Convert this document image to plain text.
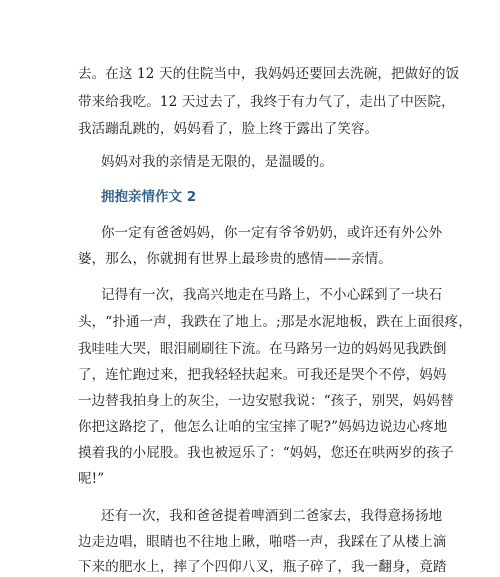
去。在这 12 天的住院当中，我妈妈还要回去洗碗，把做好的饭
带来给我吃。12 天过去了，我终于有力气了，走出了中医院，
我活蹦乱跳的，妈妈看了，脸上终于露出了笑容。
妈妈对我的亲情是无限的，是温暖的。
拥抱亲情作文 2
你一定有爸爸妈妈，你一定有爷爷奶奶，或许还有外公外
婆，那么，你就拥有世界上最珍贵的感情——亲情。
记得有一次，我高兴地走在马路上，不小心踩到了一块石
头，“扑通一声，我跌在了地上。;那是水泥地板，跌在上面很疼，
我哇哇大哭，眼泪刷刷往下流。在马路另一边的妈妈见我跌倒
了，连忙跑过来，把我轻轻扶起来。可我还是哭个不停，妈妈
一边替我拍身上的灰尘，一边安慰我说：“孩子，别哭，妈妈替
你把这路挖了，他怎么让咱的宝宝摔了呢?”妈妈边说边心疼地
摸着我的小屁股。我也被逗乐了：“妈妈，您还在哄两岁的孩子
呢!”
还有一次，我和爸爸提着啤酒到二爸家去，我得意扬扬地
边走边唱，眼睛也不往地上瞅，啪嗒一声，我踩在了从楼上滴
下来的肥水上，摔了个四仰八叉，瓶子碎了，我一翻身，竟踏
